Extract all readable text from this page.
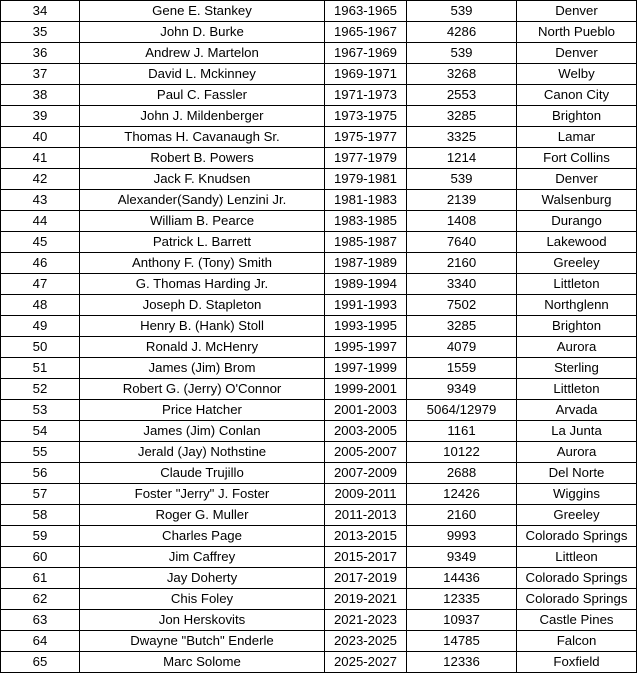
34	Gene E. Stankey	1963-1965	539	Denver
35	John D. Burke	1965-1967	4286	North Pueblo
36	Andrew J. Martelon	1967-1969	539	Denver
37	David L. Mckinney	1969-1971	3268	Welby
38	Paul C. Fassler	1971-1973	2553	Canon City
39	John J. Mildenberger	1973-1975	3285	Brighton
40	Thomas H. Cavanaugh Sr.	1975-1977	3325	Lamar
41	Robert B. Powers	1977-1979	1214	Fort Collins
42	Jack F. Knudsen	1979-1981	539	Denver
43	Alexander(Sandy) Lenzini Jr.	1981-1983	2139	Walsenburg
44	William B. Pearce	1983-1985	1408	Durango
45	Patrick L. Barrett	1985-1987	7640	Lakewood
46	Anthony F. (Tony) Smith	1987-1989	2160	Greeley
47	G. Thomas Harding Jr.	1989-1994	3340	Littleton
48	Joseph D. Stapleton	1991-1993	7502	Northglenn
49	Henry B. (Hank) Stoll	1993-1995	3285	Brighton
50	Ronald J. McHenry	1995-1997	4079	Aurora
51	James (Jim) Brom	1997-1999	1559	Sterling
52	Robert G. (Jerry) O'Connor	1999-2001	9349	Littleton
53	Price Hatcher	2001-2003	5064/12979	Arvada
54	James (Jim) Conlan	2003-2005	1161	La Junta
55	Jerald (Jay) Nothstine	2005-2007	10122	Aurora
56	Claude Trujillo	2007-2009	2688	Del Norte
57	Foster "Jerry" J. Foster	2009-2011	12426	Wiggins
58	Roger G. Muller	2011-2013	2160	Greeley
59	Charles Page	2013-2015	9993	Colorado Springs
60	Jim Caffrey	2015-2017	9349	Littleon
61	Jay Doherty	2017-2019	14436	Colorado Springs
62	Chis Foley	2019-2021	12335	Colorado Springs
63	Jon Herskovits	2021-2023	10937	Castle Pines
64	Dwayne "Butch" Enderle	2023-2025	14785	Falcon
65	Marc Solome	2025-2027	12336	Foxfield
